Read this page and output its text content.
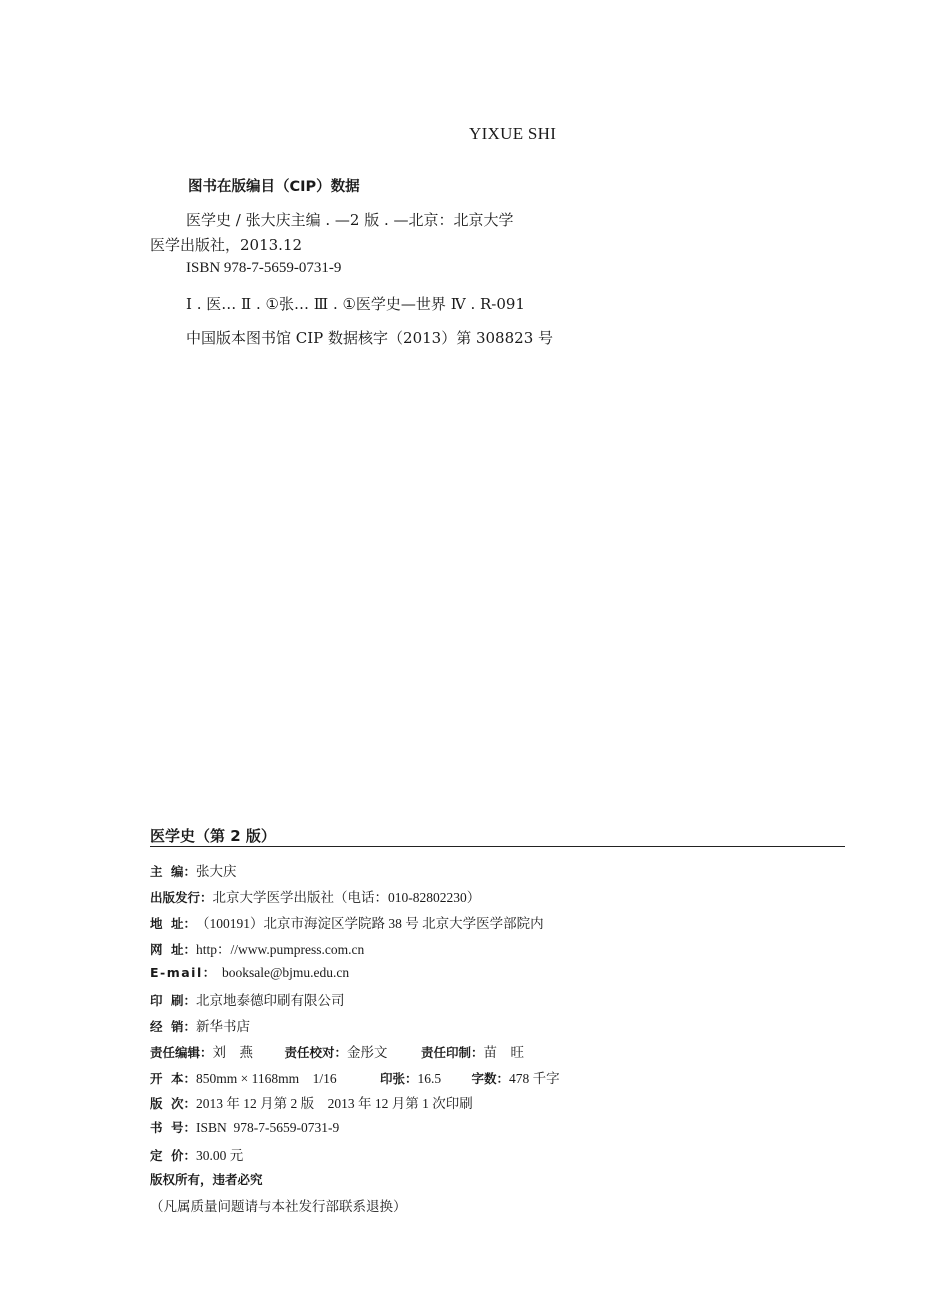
YIXUE SHI
图书在版编目（CIP）数据
医学史 / 张大庆主编 . —2 版 . —北京：北京大学
医学出版社，2013.12
ISBN 978-7-5659-0731-9
Ⅰ . 医… Ⅱ . ①张… Ⅲ . ①医学史—世界 Ⅳ . R-091
中国版本图书馆 CIP 数据核字（2013）第 308823 号
医学史（第 2 版）
主 编： 张大庆
出版发行： 北京大学医学出版社（电话：010-82802230）
地 址： （100191）北京市海淀区学院路 38 号 北京大学医学部院内
网 址： http：//www.pumpress.com.cn
E-mail： booksale@bjmu.edu.cn
印 刷： 北京地泰德印刷有限公司
经 销： 新华书店
责任编辑： 刘    燕	责任校对： 金彤文	责任印制： 苗    旺
开 本： 850mm × 1168mm    1/16	印张： 16.5	字数： 478 千字
版 次： 2013 年 12 月第 2 版    2013 年 12 月第 1 次印刷
书 号： ISBN  978-7-5659-0731-9
定 价： 30.00 元
版权所有，违者必究
（凡属质量问题请与本社发行部联系退换）
